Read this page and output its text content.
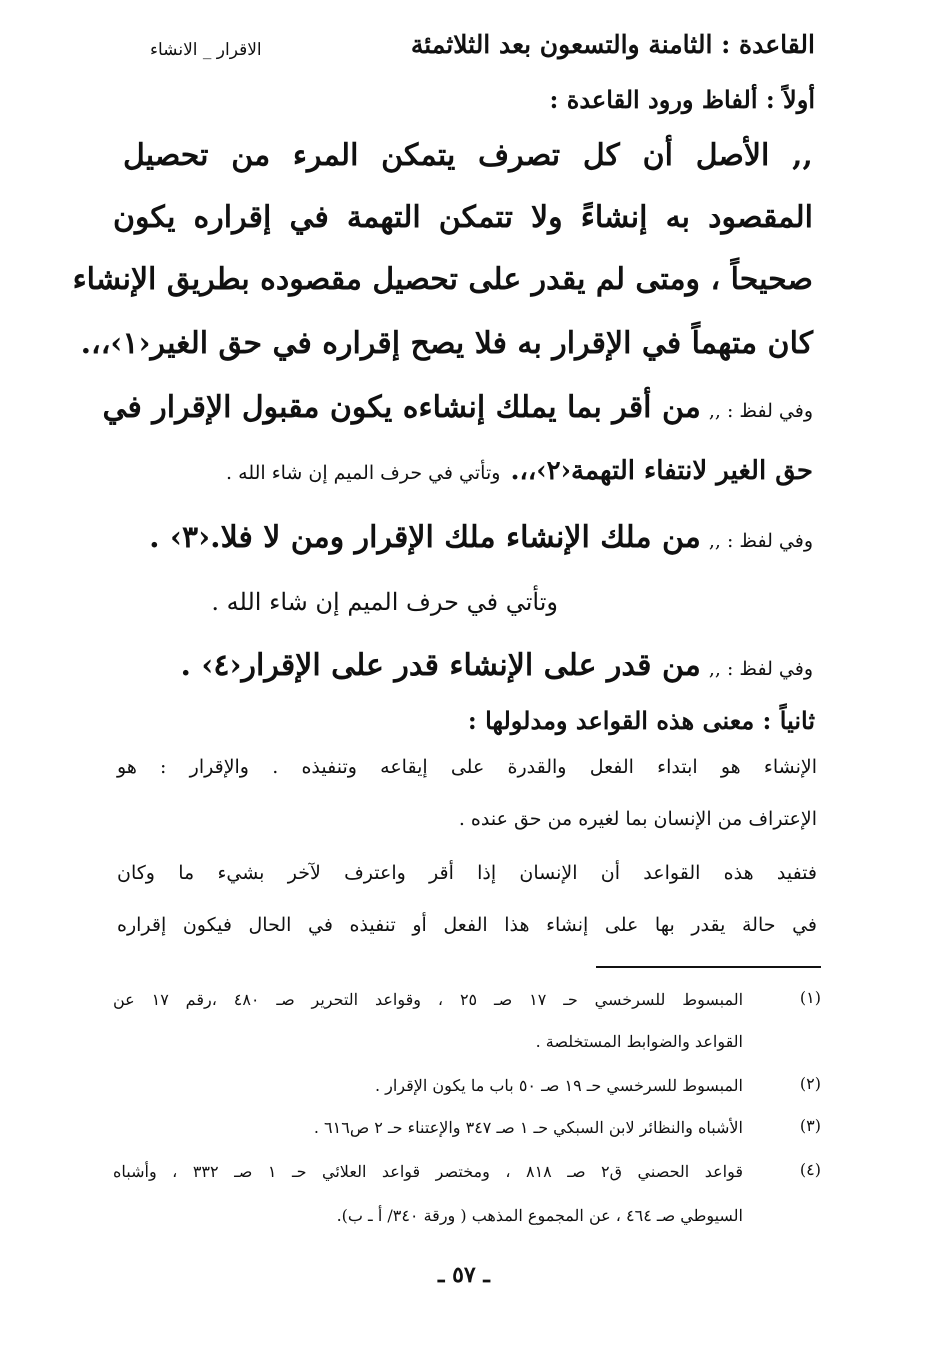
القاعدة : الثامنة والتسعون بعد الثلاثمئة
الاقرار _ الانشاء
أولاً : ألفاظ ورود القاعدة :
,, الأصل أن كل تصرف يتمكن المرء من تحصيل
المقصود به إنشاءً ولا تتمكن التهمة في إقراره يكون
صحيحاً ، ومتى لم يقدر على تحصيل مقصوده بطريق الإنشاء
كان متهماً في الإقرار به فلا يصح إقراره في حق الغير‹١›،،.
وفي لفظ : ,,
من أقر بما يملك إنشاءه يكون مقبول الإقرار في
حق الغير لانتفاء التهمة‹٢›،،.
وتأتي في حرف الميم إن شاء الله .
وفي لفظ : ,,
من ملك الإنشاء ملك الإقرار ومن لا فلا.‹٣› .
وتأتي في حرف الميم إن شاء الله .
وفي لفظ : ,,
من قدر على الإنشاء قدر على الإقرار‹٤› .
ثانياً : معنى هذه القواعد ومدلولها :
الإنشاء هو ابتداء الفعل والقدرة على إيقاعه وتنفيذه . والإقرار : هو
الإعتراف من الإنسان بما لغيره من حق عنده .
فتفيد هذه القواعد أن الإنسان إذا أقر واعترف لآخر بشيء ما وكان
في حالة يقدر بها على إنشاء هذا الفعل أو تنفيذه في الحال فيكون إقراره
(١)
المبسوط للسرخسي حـ ١٧ صـ ٢٥ ، وقواعد التحرير صـ ٤٨٠ ،رقم ١٧ عن
القواعد والضوابط المستخلصة .
(٢)
المبسوط للسرخسي حـ ١٩ صـ ٥٠ باب ما يكون الإقرار .
(٣)
الأشباه والنظائر لابن السبكي حـ ١ صـ ٣٤٧ والإعتناء حـ ٢ ص٦١٦ .
(٤)
قواعد الحصني ق٢ صـ ٨١٨ ، ومختصر قواعد العلائي حـ ١ صـ ٣٣٢ ، وأشباه
السيوطي صـ ٤٦٤ ، عن المجموع المذهب ( ورقة ٣٤٠/ أ ـ ب).
ـ ٥٧ ـ
